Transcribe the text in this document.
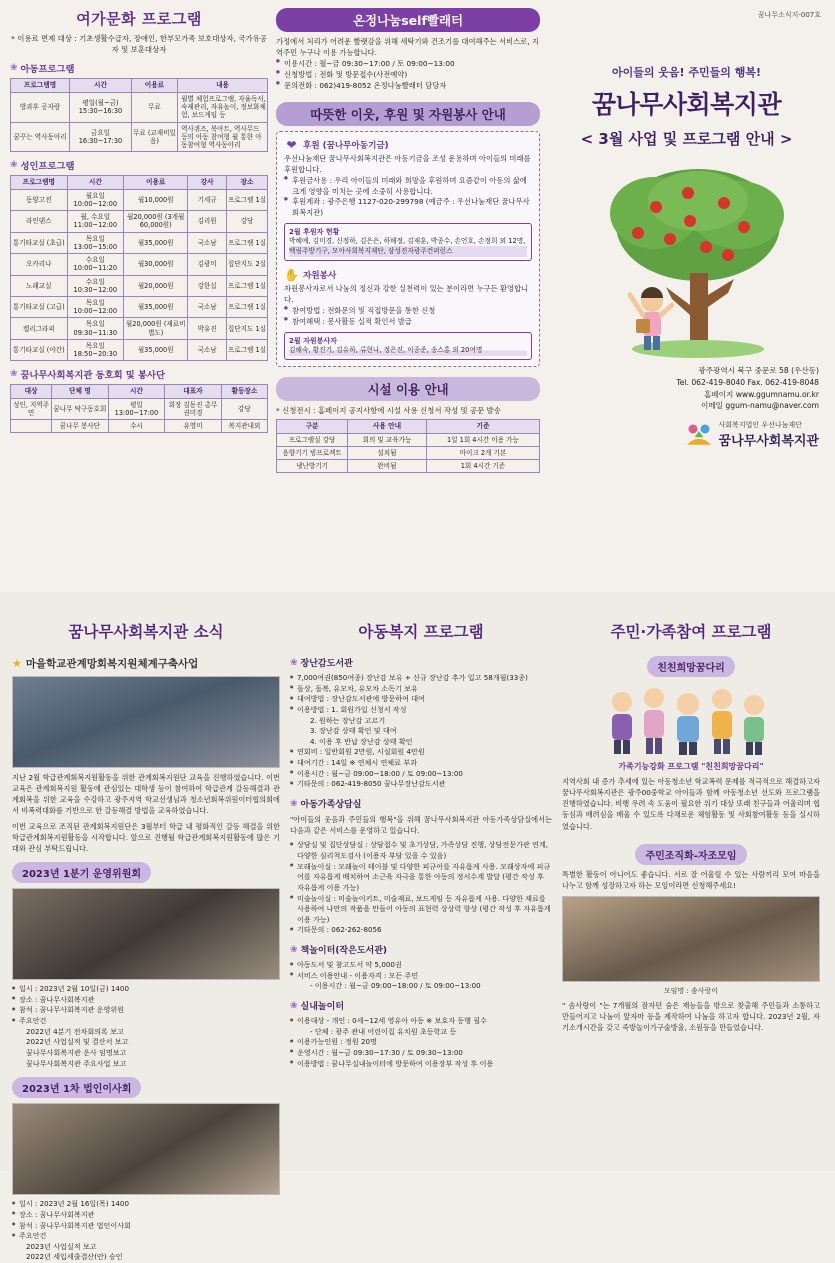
여가문화 프로그램
* 이용료 면제 대상 : 기초생활수급자, 장애인, 한부모가족 보호대상자, 국가유공자 및 보훈대상자
❀ 아동프로그램
프로그램명	시간	이용료	내용
방과후 공자람	평일(월~금) 15:30~16:30	무료	월별 체험프로그램, 자율독서, 숙제관리, 자유놀이, 정보화체험, 보드게임 등
꿈꾸는 역사동아리	금요일 16:30~17:30	무료 (교재비있음)	역사퀴즈, 북아트, 역사무드 등의 아동 참여형 월 통한 아동참여형 역사동아리
❀ 성인프로그램
프로그램명	시간	이용료	강사	장소
동양고전	월요일 10:00~12:00	월10,000원	기세규	프로그램 1실
라인댄스	월, 수요일 11:00~12:00	월20,000원 (3개월60,000원)	김리원	강당
통기타교실 (초급)	목요일 13:00~15:00	월35,000원	국소남	프로그램 1실
오카리나	수요일 10:00~11:20	월30,000원	김광미	집단지도 2실
노래교실	수요일 10:30~12:00	월20,000원	강한십	프로그램 1실
통기타교실 (고급)	목요일 10:00~12:00	월35,000원	국소남	프로그램 1실
캘리그라피	목요일 09:30~11:30	월20,000원 (재료비별도)	박유진	집단지도 1실
통기타교실 (야간)	목요일 18:50~20:30	월35,000원	국소남	프로그램 1실
❀ 꿈나무사회복지관 동호회 및 봉사단
대상	단체 명	시간	대표자	활동장소
성인, 지역주민	꿈나무 탁구동호회	평일 13:00~17:00	회장 김동진 총무 권미경	강당
	꿈나무 봉사단	수시	유영미	복지관내외
온정나눔self빨래터
가정에서 처리가 어려운 빨랫감을 위해 세탁기와 건조기를 대여해주는 서비스로, 지역주민 누구나 이용 가능합니다.
● 이용시간 : 월~금 09:30~17:00 / 토 09:00~13:00
● 신청방법 : 전화 및 방문접수(사전예약)
● 문의전화 : 062)419-8052 온정나눔빨래터 담당자
따뜻한 이웃, 후원 및 자원봉사 안내
❤ 후원 (꿈나무아동기금)
우선나눔재단 꿈나무사회복지관은 아동기금을 조성 운용하며 아이들의 미래를 후원합니다.
● 후원금사용 : 우리 아이들의 미래와 희망을 후원하며 요즘같이 아동의 삶에 크게 영향을 미치는 곳에 소중히 사용합니다.
● 후원계좌 : 광주은행 1127-020-299798 (예금주 : 우선나눔재단 꿈나무사회복지관)
2월 후원자 현황
박혜예, 김미경, 신정하, 김은은, 하해정, 김재훈, 박종수, 손언호, 손정희 외 12명, 백림주방기구, 모아사회복지재단, 삼성전자광주컨퍼런스
✋ 자원봉사
자원봉사자로서 나눔의 정신과 강한 실천력이 있는 분이라면 누구든 환영합니다.
● 참여방법 : 전화문의 및 직접방문을 통한 신청
● 참여혜택 : 봉사활동 실적 확인서 발급
2월 자원봉사자
김혜숙, 황진기, 김유하, 류현나, 정은진, 이종준, 송스홍 외 20여명
시설 이용 안내
* 신청전시 : 홈페이지 공지사항에 시설 사용 신청서 작성 및 공문 발송
구분	사용 안내	기준
프로그램실 강당	회의 및 교육가능	1일 1회 4시간 이용 가능
음향기기 빔프로젝트	설치됨	마이크 2개 기본
냉난방기기	완비됨	1회 4시간 기준
꿈나무소식지-007호
아이들의 웃음! 주민들의 행복!
꿈나무사회복지관
< 3월 사업 및 프로그램 안내 >
광주광역시 북구 중문로 58 (우산동)
Tel. 062-419-8040 Fax. 062-419-8048
홈페이지 www.ggumnamu.or.kr
이메일 ggum-namu@naver.com
사회복지법인 우선나눔재단
꿈나무사회복지관
꿈나무사회복지관 소식
★ 마을학교관계망회복지원체계구축사업
지난 2월 학급관계회복지원활동을 위한 관계회복지원단 교육을 진행하였습니다. 이번 교육은 관계회복지원 활동에 관심있는 대학생 등이 참여하여 학급관계 갈등해결과 관계회복을 위한 교육을 수강하고 광주지역 학교선생님과 청소년회복위원이터협의회에서 비폭력대화를 기반으로 한 갈등해결 방법을 교육하였습니다.
이번 교육으로 조직된 관계회복지원단은 3월부터 학급 내 평화적인 갈등 해결을 위한 학급관계회복지원활동을 시작합니다. 앞으로 진행될 학급관계회복지원활동에 많은 기대와 관심 부탁드립니다.
2023년 1분기 운영위원회
● 일시 : 2023년 2월 10일(금) 1400
● 장소 : 꿈나무사회복지관
● 참석 : 꿈나무사회복지관 운영위원
● 주요안건
2022년 4분기 전차회의록 보고
2022년 사업실적 및 결산서 보고
꿈나무사회복지관 운사 임명보고
꿈나무사회복지관 주요사업 보고
2023년 1차 법인이사회
● 일시 : 2023년 2월 16일(목) 1400
● 장소 : 꿈나무사회복지관
● 참석 : 꿈나무사회복지관 법인이사회
● 주요안건
2023년 사업실적 보고
2022년 세입세출결산(안) 승인
아동복지 프로그램
❀ 장난감도서관
● 7,000여권(850여종) 장난감 보유 + 신규 장난감 추가 입고 58개월(33종)
● 돌상, 돌복, 유모차, 유모차 소독기 보유
● 대여방법 : 장난감도서관에 방문하여 대여
● 이용방법 : 1. 회원가입 신청서 작성
2. 원하는 장난감 고르기
3. 장난감 상태 확인 및 대여
4. 이용 후 반납 장난감 상태 확인
● 연회비 : 일반회원 2만원, 시설회원 4만원
● 대여기간 : 14일 ※ 연체시 연체료 부과
● 이용시간 : 월~금 09:00~18:00 / 토 09:00~13:00
● 기타문의 : 062-419-8050 꿈나무장난감도서관
❀ 아동가족상담실
"아이들의 웃음과 주민들의 행복"을 위해 꿈나무사회복지관 아동가족상담실에서는 다음과 같은 서비스를 운영하고 있습니다.
● 상담실 및 집단상담실 : 상담접수 및 초기상담, 가족상담 진행, 상담전문가관 연계, 다양한 심리척도검사 (이용자 부담 있을 수 있음)
● 모래놀이실 : 모래놀이 테이블 및 다양한 피규어를 자유롭게 사용. 모래상자에 피규어를 자유롭게 배치하여 소근육 자극을 통한 아동의 정서수계 발달 (평간 작성 후 자유롭게 이용 가능)
● 미술놀이실 : 미술놀이키트, 미술재료, 보드게임 등 자유롭게 사용. 다양한 재료를 사용하여 나만의 작품을 만들어 아동의 표현력 상상력 향상 (평간 작성 후 자유롭게 이용 가능)
● 기타문의 : 062-262-8056
❀ 책놀이터(작은도서관)
● 아동도서 및 참고도서 약 5,000권
● 서비스 이용안내 - 이용자격 : 모든 주민
- 이용시간 : 월~금 09:00~18:00 / 토 09:00~13:00
❀ 실내놀이터
● 이용대상 - 개인 : 0세~12세 영유아 아동 ※ 보호자 동행 필수
- 단체 : 광주 관내 어린이집 유치원 초등학교 등
● 이용가능인원 : 정원 20명
● 운영시간 : 월~금 09:30~17:30 / 토 09:30~13:00
● 이용방법 : 꿈나무실내놀이터에 방문하여 이용장부 작성 후 이용
주민·가족참여 프로그램
친친희망꿈다리
가족기능강화 프로그램 "친친희망꿈다리"
지역사회 내 증가 추세에 있는 아동청소년 학교폭력 문제를 적극적으로 해결하고자 꿈나무사회복지관은 광주00중학교 아이들과 함께 아동청소년 선도와 프로그램을 진행하였습니다. 비행 우려 속 도움이 필요한 위기 대상 또래 친구들과 어울리며 협동심과 배려심을 배울 수 있도록 다채로운 체험활동 및 사회참여활동 등을 실시하였습니다.
주민조직화-자조모임
특별한 활동이 아니어도 좋습니다. 서로 잘 어울릴 수 있는 사람끼리 모여 마음을 나누고 함께 성장하고자 하는 모임이라면 신청해주세요!
모임명 : 솜사랑이
" 솜사랑이 "는 7개월의 잠자던 숨은 재능들을 밖으로 찾출해 주민들과 소통하고 만들어지고 나눔이 앞자마 등을 제작하여 나눔을 하고자 합니다. 2023년 2월, 자기소개시간을 갖고 죽방놀이가구술방울, 소원등을 만들었습니다.
